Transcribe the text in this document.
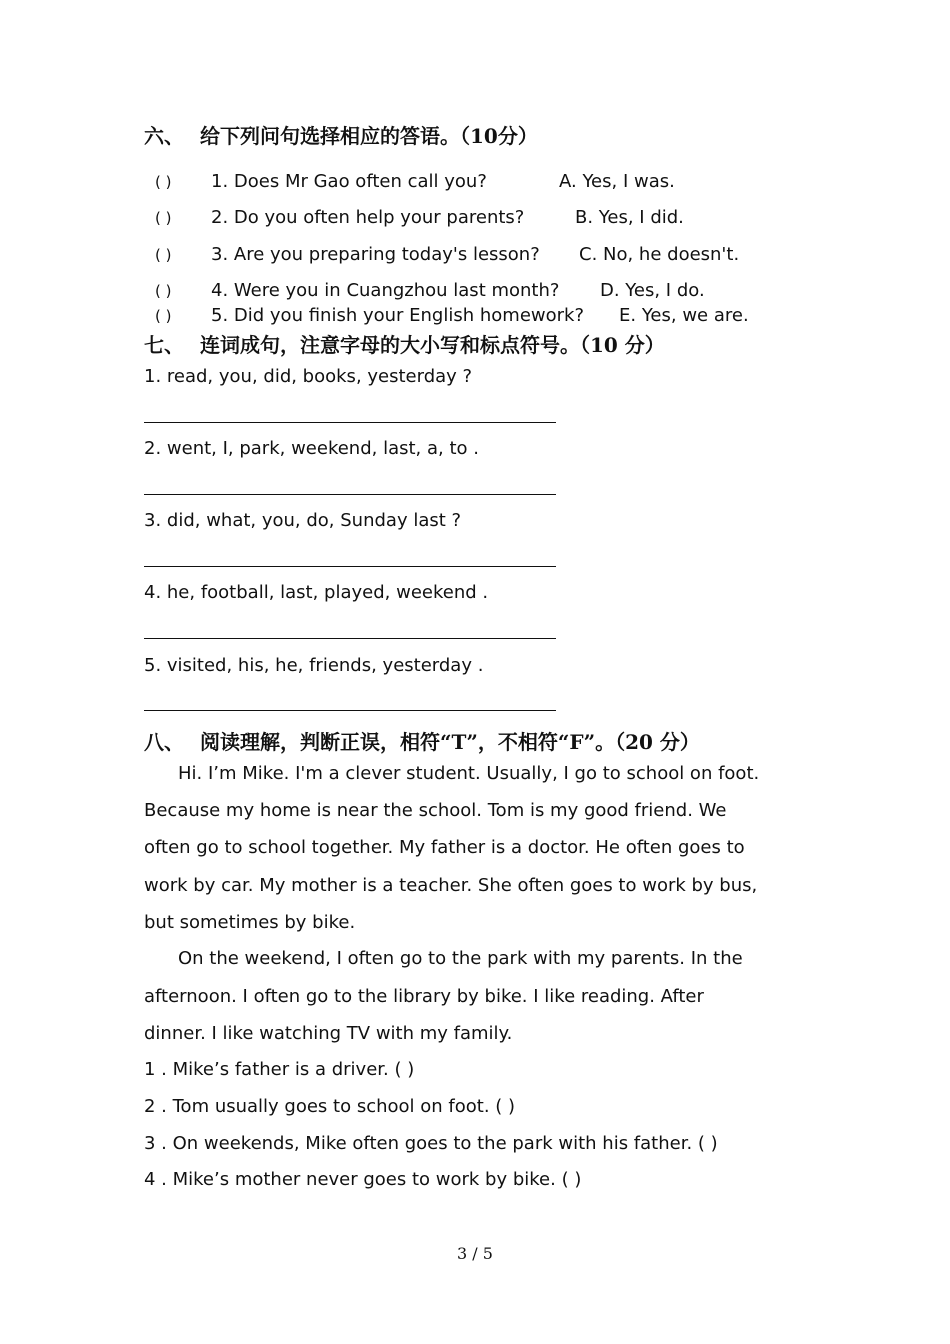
六、 给下列问句选择相应的答语。（10分）
( ) 1. Does Mr Gao often call you?	A. Yes, I was.
( ) 2. Do you often help your parents?	B. Yes, I did.
( ) 3. Are you preparing today's lesson? C. No, he doesn't.
( ) 4. Were you in Cuangzhou last month? D. Yes, I do.
( ) 5. Did you finish your English homework? E. Yes, we are.
七、 连词成句，注意字母的大小写和标点符号。（10 分）
1. read, you, did, books, yesterday ?
2. went, I, park, weekend, last, a, to .
3. did, what, you, do, Sunday last ?
4. he, football, last, played, weekend .
5. visited, his, he, friends, yesterday .
八、 阅读理解，判断正误，相符“T”，不相符“F”。（20 分）
Hi. I’m Mike. I'm a clever student. Usually, I go to school on foot.
Because my home is near the school. Tom is my good friend. We
often go to school together. My father is a doctor. He often goes to
work by car. My mother is a teacher. She often goes to work by bus,
but sometimes by bike.
On the weekend, I often go to the park with my parents. In the
afternoon. I often go to the library by bike. I like reading. After
dinner. I like watching TV with my family.
1 . Mike’s father is a driver. ( )
2 . Tom usually goes to school on foot. ( )
3 . On weekends, Mike often goes to the park with his father. ( )
4 . Mike’s mother never goes to work by bike. ( )
3 / 5
